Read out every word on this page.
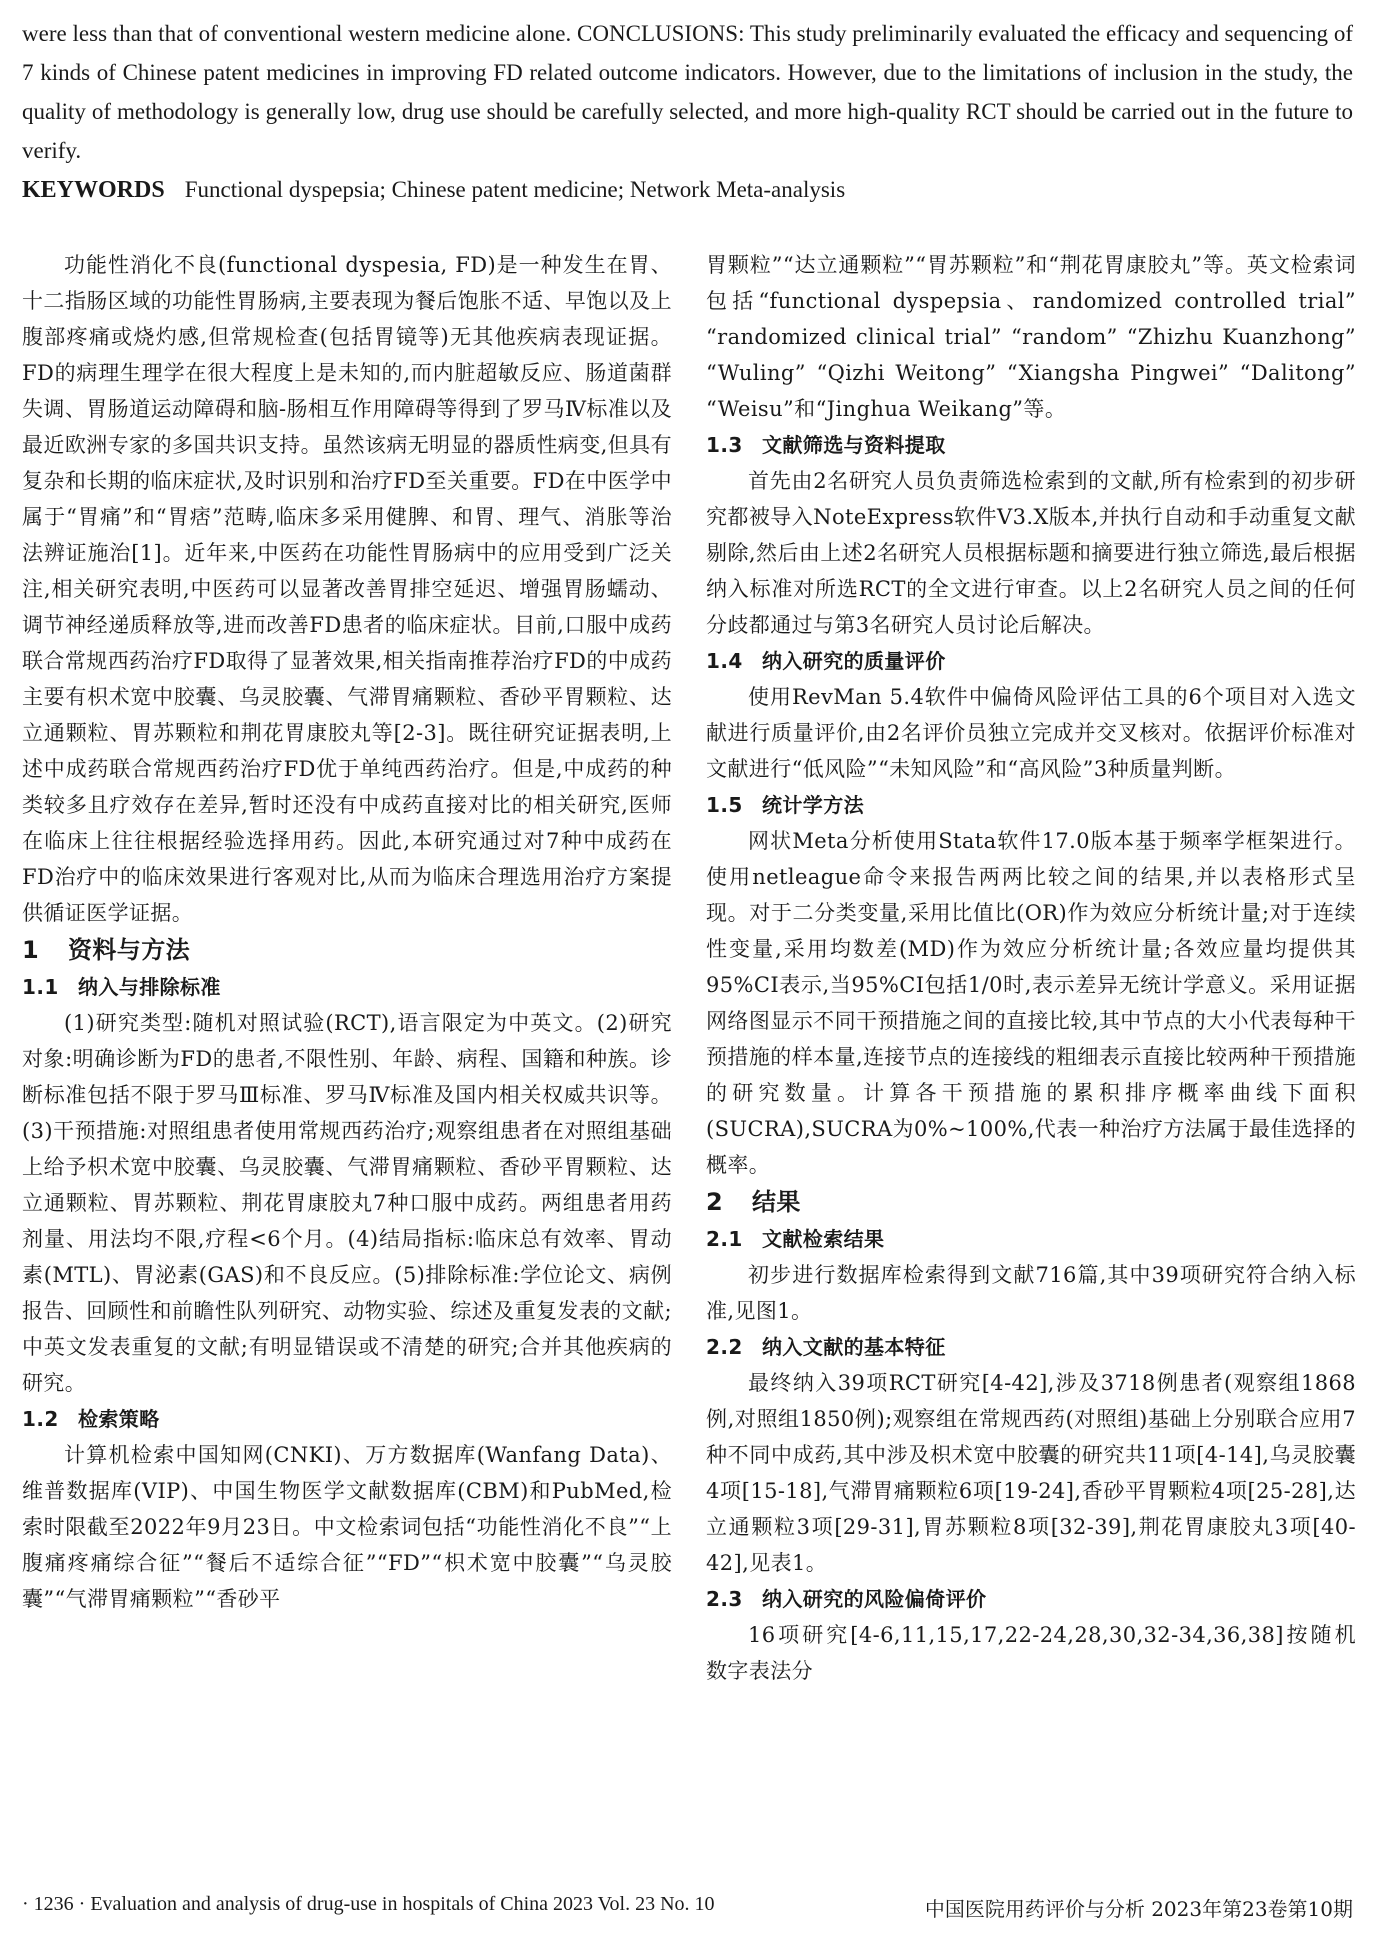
were less than that of conventional western medicine alone. CONCLUSIONS: This study preliminarily evaluated the efficacy and sequencing of 7 kinds of Chinese patent medicines in improving FD related outcome indicators. However, due to the limitations of inclusion in the study, the quality of methodology is generally low, drug use should be carefully selected, and more high-quality RCT should be carried out in the future to verify.

KEYWORDS Functional dyspepsia; Chinese patent medicine; Network Meta-analysis

功能性消化不良(functional dyspesia, FD)是一种发生在胃、十二指肠区域的功能性胃肠病,主要表现为餐后饱胀不适、早饱以及上腹部疼痛或烧灼感,但常规检查(包括胃镜等)无其他疾病表现证据。FD的病理生理学在很大程度上是未知的,而内脏超敏反应、肠道菌群失调、胃肠道运动障碍和脑-肠相互作用障碍等得到了罗马Ⅳ标准以及最近欧洲专家的多国共识支持。虽然该病无明显的器质性病变,但具有复杂和长期的临床症状,及时识别和治疗FD至关重要。FD在中医学中属于“胃痛”和“胃痞”范畴,临床多采用健脾、和胃、理气、消胀等治法辨证施治[1]。近年来,中医药在功能性胃肠病中的应用受到广泛关注,相关研究表明,中医药可以显著改善胃排空延迟、增强胃肠蠕动、调节神经递质释放等,进而改善FD患者的临床症状。目前,口服中成药联合常规西药治疗FD取得了显著效果,相关指南推荐治疗FD的中成药主要有枳术宽中胶囊、乌灵胶囊、气滞胃痛颗粒、香砂平胃颗粒、达立通颗粒、胃苏颗粒和荆花胃康胶丸等[2-3]。既往研究证据表明,上述中成药联合常规西药治疗FD优于单纯西药治疗。但是,中成药的种类较多且疗效存在差异,暂时还没有中成药直接对比的相关研究,医师在临床上往往根据经验选择用药。因此,本研究通过对7种中成药在FD治疗中的临床效果进行客观对比,从而为临床合理选用治疗方案提供循证医学证据。

1 资料与方法
1.1 纳入与排除标准

(1)研究类型:随机对照试验(RCT),语言限定为中英文。(2)研究对象:明确诊断为FD的患者,不限性别、年龄、病程、国籍和种族。诊断标准包括不限于罗马Ⅲ标准、罗马Ⅳ标准及国内相关权威共识等。(3)干预措施:对照组患者使用常规西药治疗;观察组患者在对照组基础上给予枳术宽中胶囊、乌灵胶囊、气滞胃痛颗粒、香砂平胃颗粒、达立通颗粒、胃苏颗粒、荆花胃康胶丸7种口服中成药。两组患者用药剂量、用法均不限,疗程<6个月。(4)结局指标:临床总有效率、胃动素(MTL)、胃泌素(GAS)和不良反应。(5)排除标准:学位论文、病例报告、回顾性和前瞻性队列研究、动物实验、综述及重复发表的文献;中英文发表重复的文献;有明显错误或不清楚的研究;合并其他疾病的研究。

1.2 检索策略

计算机检索中国知网(CNKI)、万方数据库(Wanfang Data)、维普数据库(VIP)、中国生物医学文献数据库(CBM)和PubMed,检索时限截至2022年9月23日。中文检索词包括“功能性消化不良”“上腹痛疼痛综合征”“餐后不适综合征”“FD”“枳术宽中胶囊”“乌灵胶囊”“气滞胃痛颗粒”“香砂平

胃颗粒”“达立通颗粒”“胃苏颗粒”和“荆花胃康胶丸”等。英文检索词包括“functional dyspepsia、randomized controlled trial” “randomized clinical trial” “random” “Zhizhu Kuanzhong” “Wuling” “Qizhi Weitong” “Xiangsha Pingwei” “Dalitong” “Weisu”和“Jinghua Weikang”等。

1.3 文献筛选与资料提取

首先由2名研究人员负责筛选检索到的文献,所有检索到的初步研究都被导入NoteExpress软件V3.X版本,并执行自动和手动重复文献剔除,然后由上述2名研究人员根据标题和摘要进行独立筛选,最后根据纳入标准对所选RCT的全文进行审查。以上2名研究人员之间的任何分歧都通过与第3名研究人员讨论后解决。

1.4 纳入研究的质量评价

使用RevMan 5.4软件中偏倚风险评估工具的6个项目对入选文献进行质量评价,由2名评价员独立完成并交叉核对。依据评价标准对文献进行“低风险”“未知风险”和“高风险”3种质量判断。

1.5 统计学方法

网状Meta分析使用Stata软件17.0版本基于频率学框架进行。使用netleague命令来报告两两比较之间的结果,并以表格形式呈现。对于二分类变量,采用比值比(OR)作为效应分析统计量;对于连续性变量,采用均数差(MD)作为效应分析统计量;各效应量均提供其95%CI表示,当95%CI包括1/0时,表示差异无统计学意义。采用证据网络图显示不同干预措施之间的直接比较,其中节点的大小代表每种干预措施的样本量,连接节点的连接线的粗细表示直接比较两种干预措施的研究数量。计算各干预措施的累积排序概率曲线下面积(SUCRA),SUCRA为0%~100%,代表一种治疗方法属于最佳选择的概率。

2 结果
2.1 文献检索结果

初步进行数据库检索得到文献716篇,其中39项研究符合纳入标准,见图1。

2.2 纳入文献的基本特征

最终纳入39项RCT研究[4-42],涉及3718例患者(观察组1868例,对照组1850例);观察组在常规西药(对照组)基础上分别联合应用7种不同中成药,其中涉及枳术宽中胶囊的研究共11项[4-14],乌灵胶囊4项[15-18],气滞胃痛颗粒6项[19-24],香砂平胃颗粒4项[25-28],达立通颗粒3项[29-31],胃苏颗粒8项[32-39],荆花胃康胶丸3项[40-42],见表1。

2.3 纳入研究的风险偏倚评价

16项研究[4-6,11,15,17,22-24,28,30,32-34,36,38]按随机数字表法分

· 1236 · Evaluation and analysis of drug-use in hospitals of China 2023 Vol. 23 No. 10	中国医院用药评价与分析 2023年第23卷第10期
